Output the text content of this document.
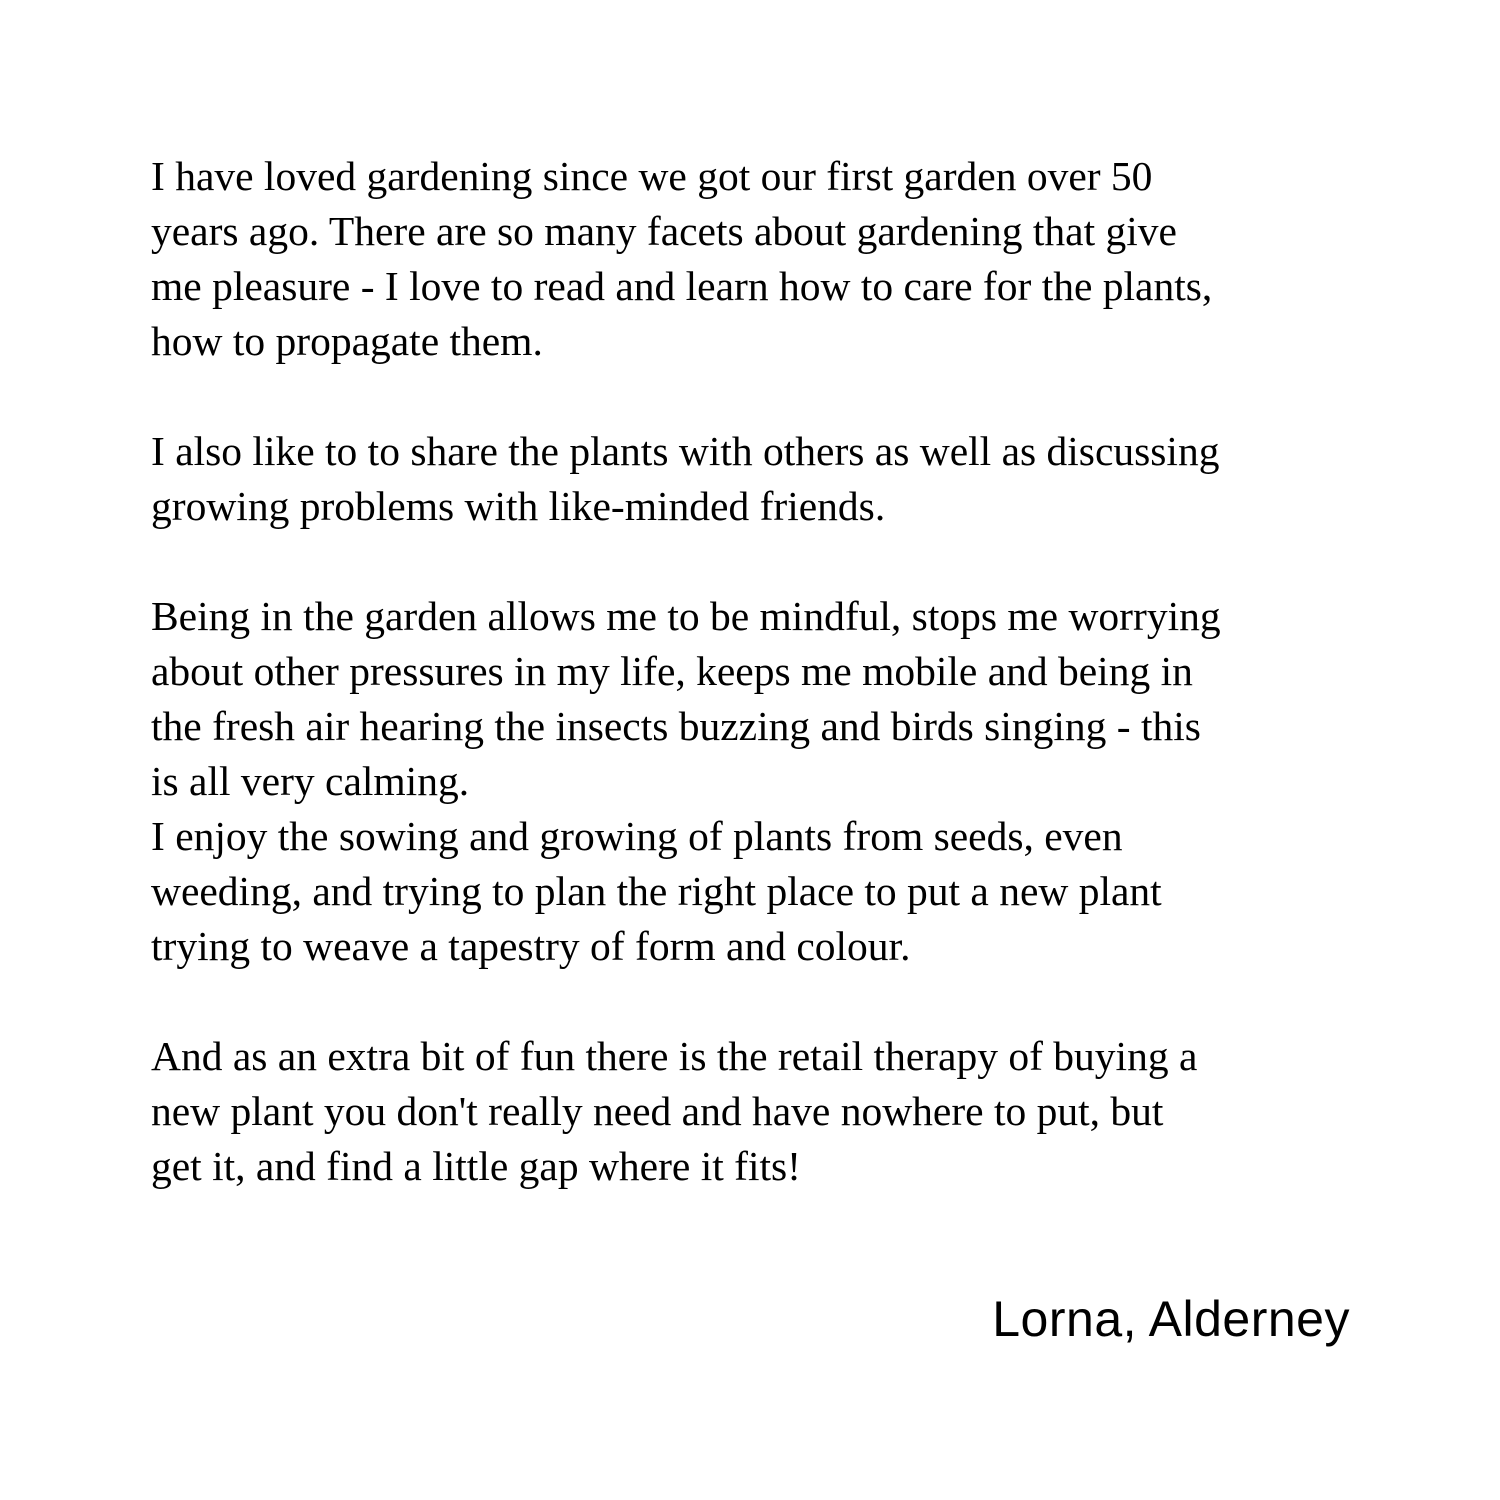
I have loved gardening since we got our first garden over 50
years ago. There are so many facets about gardening that give
me pleasure - I love to read and learn how to care for the plants,
how to propagate them.
I also like to to share the plants with others as well as discussing
growing problems with like-minded friends.
Being in the garden allows me to be mindful, stops me worrying
about other pressures in my life, keeps me mobile and being in
the fresh air hearing the insects buzzing and birds singing - this
is all very calming.
I enjoy the sowing and growing of plants from seeds, even
weeding, and trying to plan the right place to put a new plant
trying to weave a tapestry of form and colour.
And as an extra bit of fun there is the retail therapy of buying a
new plant you don't really need and have nowhere to put, but
get it, and find a little gap where it fits!
Lorna, Alderney
